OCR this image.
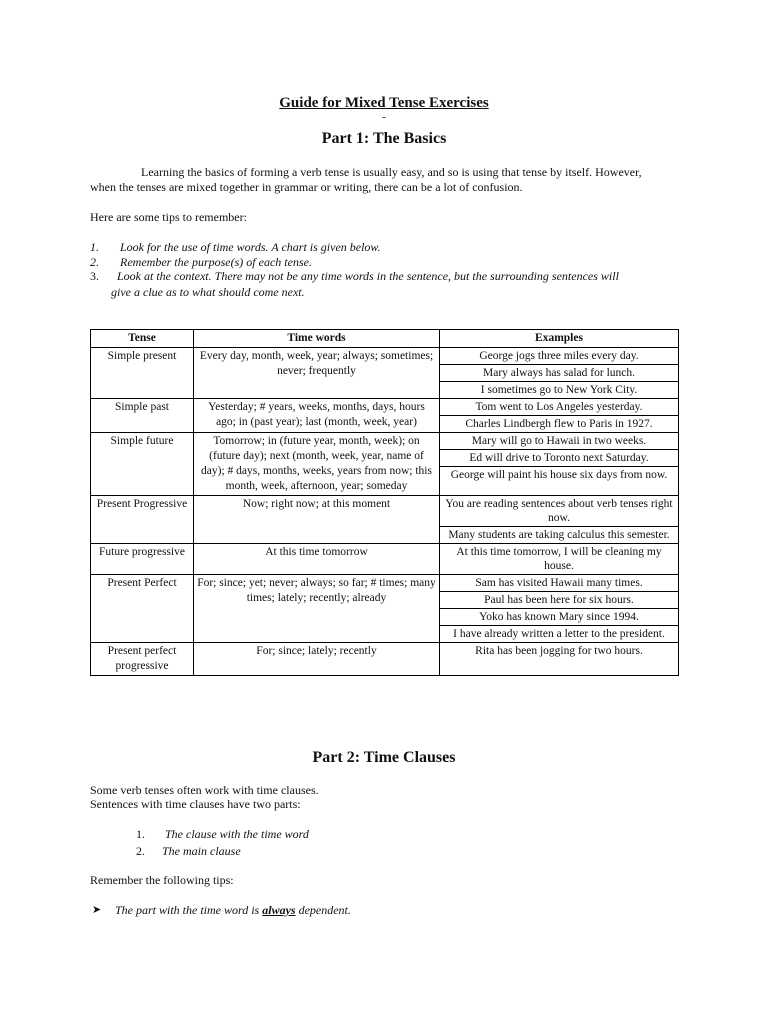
Guide for Mixed Tense Exercises
-
Part 1: The Basics
Learning the basics of forming a verb tense is usually easy, and so is using that tense by itself. However,
when the tenses are mixed together in grammar or writing, there can be a lot of confusion.
Here are some tips to remember:
1. Look for the use of time words. A chart is given below.
2. Remember the purpose(s) of each tense.
3. Look at the context. There may not be any time words in the sentence, but the surrounding sentences will
give a clue as to what should come next.
Tense	Time words	Examples
Simple present	Every day, month, week, year; always; sometimes; never; frequently	George jogs three miles every day.
Mary always has salad for lunch.
I sometimes go to New York City.

Simple past	Yesterday; # years, weeks, months, days, hours ago; in (past year); last (month, week, year)	Tom went to Los Angeles yesterday.
Charles Lindbergh flew to Paris in 1927.

Simple future	Tomorrow; in (future year, month, week); on (future day); next (month, week, year, name of day); # days, months, weeks, years from now; this month, week, afternoon, year; someday	Mary will go to Hawaii in two weeks.
Ed will drive to Toronto next Saturday.
George will paint his house six days from now.

Present Progressive	Now; right now; at this moment	You are reading sentences about verb tenses right now.
Many students are taking calculus this semester.

Future progressive	At this time tomorrow	At this time tomorrow, I will be cleaning my house.

Present Perfect	For; since; yet; never; always; so far; # times; many times; lately; recently; already	Sam has visited Hawaii many times.
Paul has been here for six hours.
Yoko has known Mary since 1994.
I have already written a letter to the president.

Present perfect progressive	For; since; lately; recently	Rita has been jogging for two hours.
Part 2: Time Clauses
Some verb tenses often work with time clauses.
Sentences with time clauses have two parts:
1. The clause with the time word
2. The main clause
Remember the following tips:
➤ The part with the time word is always dependent.
